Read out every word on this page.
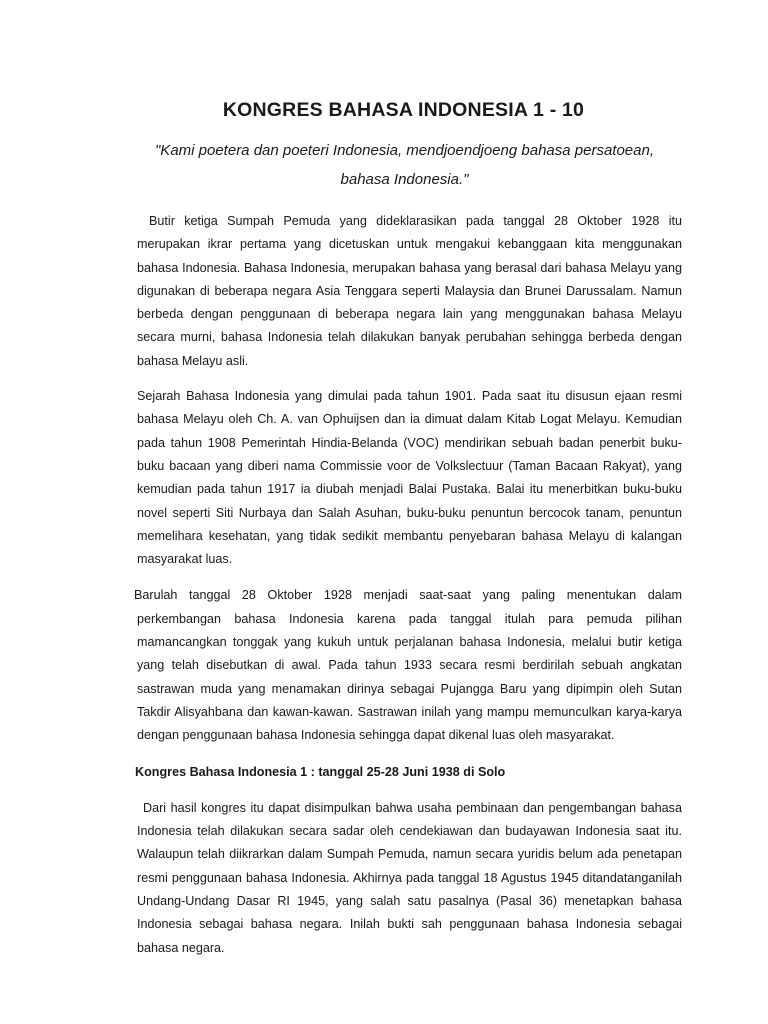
KONGRES BAHASA INDONESIA 1 - 10

"Kami poetera dan poeteri Indonesia, mendjoendjoeng bahasa persatoean, bahasa Indonesia."

Butir ketiga Sumpah Pemuda yang dideklarasikan pada tanggal 28 Oktober 1928 itu merupakan ikrar pertama yang dicetuskan untuk mengakui kebanggaan kita menggunakan bahasa Indonesia. Bahasa Indonesia, merupakan bahasa yang berasal dari bahasa Melayu yang digunakan di beberapa negara Asia Tenggara seperti Malaysia dan Brunei Darussalam. Namun berbeda dengan penggunaan di beberapa negara lain yang menggunakan bahasa Melayu secara murni, bahasa Indonesia telah dilakukan banyak perubahan sehingga berbeda dengan bahasa Melayu asli.

Sejarah Bahasa Indonesia yang dimulai pada tahun 1901. Pada saat itu disusun ejaan resmi bahasa Melayu oleh Ch. A. van Ophuijsen dan ia dimuat dalam Kitab Logat Melayu. Kemudian pada tahun 1908 Pemerintah Hindia-Belanda (VOC) mendirikan sebuah badan penerbit buku-buku bacaan yang diberi nama Commissie voor de Volkslectuur (Taman Bacaan Rakyat), yang kemudian pada tahun 1917 ia diubah menjadi Balai Pustaka. Balai itu menerbitkan buku-buku novel seperti Siti Nurbaya dan Salah Asuhan, buku-buku penuntun bercocok tanam, penuntun memelihara kesehatan, yang tidak sedikit membantu penyebaran bahasa Melayu di kalangan masyarakat luas.

Barulah tanggal 28 Oktober 1928 menjadi saat-saat yang paling menentukan dalam perkembangan bahasa Indonesia karena pada tanggal itulah para pemuda pilihan mamancangkan tonggak yang kukuh untuk perjalanan bahasa Indonesia, melalui butir ketiga yang telah disebutkan di awal. Pada tahun 1933 secara resmi berdirilah sebuah angkatan sastrawan muda yang menamakan dirinya sebagai Pujangga Baru yang dipimpin oleh Sutan Takdir Alisyahbana dan kawan-kawan. Sastrawan inilah yang mampu memunculkan karya-karya dengan penggunaan bahasa Indonesia sehingga dapat dikenal luas oleh masyarakat.

Kongres Bahasa Indonesia 1 : tanggal 25-28 Juni 1938 di Solo

Dari hasil kongres itu dapat disimpulkan bahwa usaha pembinaan dan pengembangan bahasa Indonesia telah dilakukan secara sadar oleh cendekiawan dan budayawan Indonesia saat itu. Walaupun telah diikrarkan dalam Sumpah Pemuda, namun secara yuridis belum ada penetapan resmi penggunaan bahasa Indonesia. Akhirnya pada tanggal 18 Agustus 1945 ditandatanganilah Undang-Undang Dasar RI 1945, yang salah satu pasalnya (Pasal 36) menetapkan bahasa Indonesia sebagai bahasa negara. Inilah bukti sah penggunaan bahasa Indonesia sebagai bahasa negara.
